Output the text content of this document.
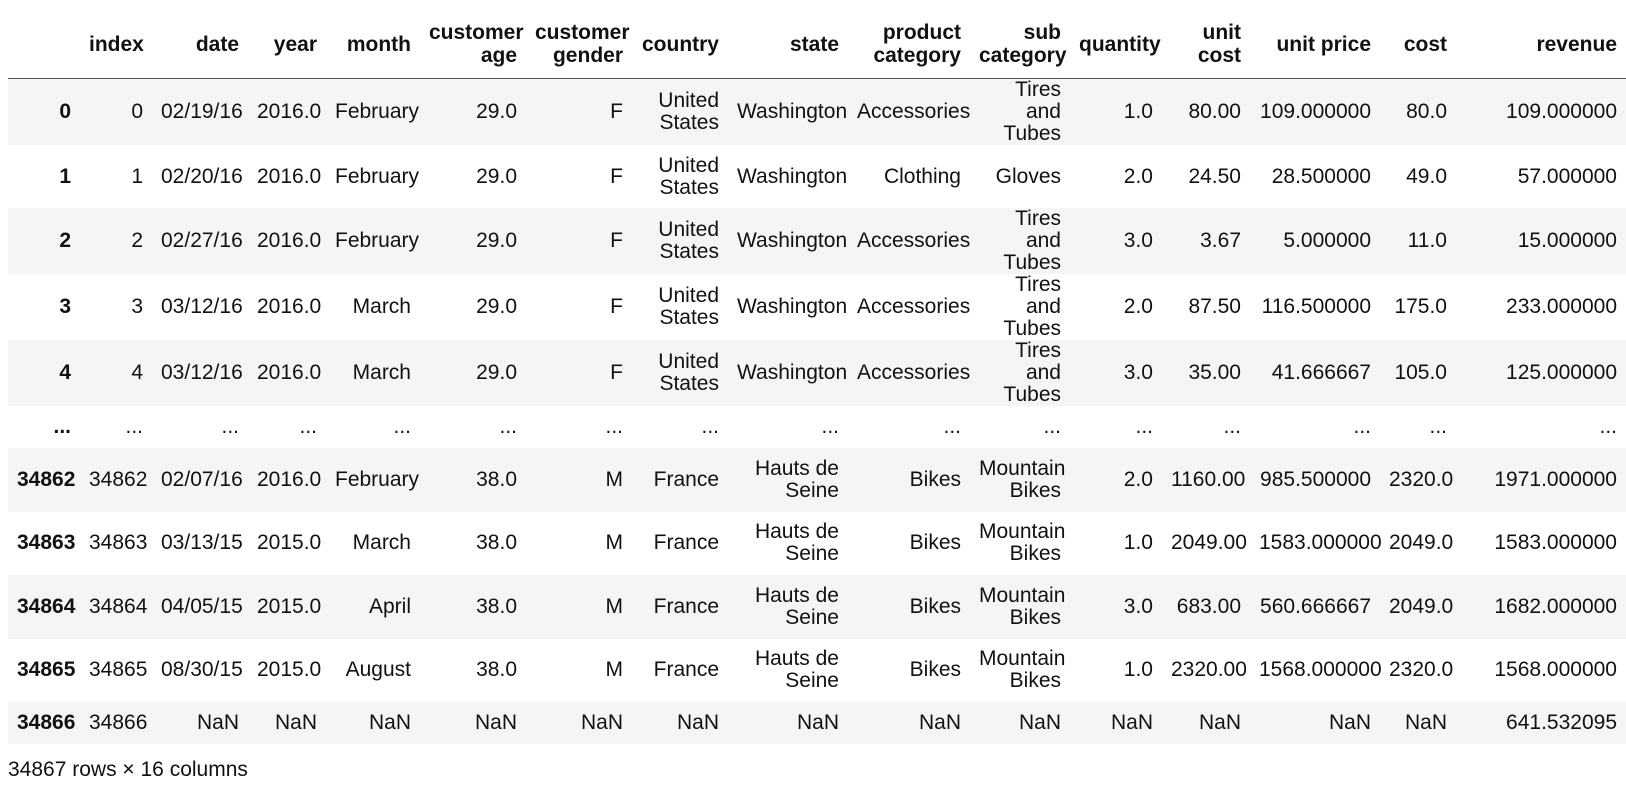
	index	date	year	month	customer age	customer gender	country	state	product category	sub category	quantity	unit cost	unit price	cost	revenue
0	0	02/19/16	2016.0	February	29.0	F	United States	Washington	Accessories	Tires and Tubes	1.0	80.00	109.000000	80.0	109.000000
1	1	02/20/16	2016.0	February	29.0	F	United States	Washington	Clothing	Gloves	2.0	24.50	28.500000	49.0	57.000000
2	2	02/27/16	2016.0	February	29.0	F	United States	Washington	Accessories	Tires and Tubes	3.0	3.67	5.000000	11.0	15.000000
3	3	03/12/16	2016.0	March	29.0	F	United States	Washington	Accessories	Tires and Tubes	2.0	87.50	116.500000	175.0	233.000000
4	4	03/12/16	2016.0	March	29.0	F	United States	Washington	Accessories	Tires and Tubes	3.0	35.00	41.666667	105.0	125.000000
...	...	...	...	...	...	...	...	...	...	...	...	...	...	...	...
34862	34862	02/07/16	2016.0	February	38.0	M	France	Hauts de Seine	Bikes	Mountain Bikes	2.0	1160.00	985.500000	2320.0	1971.000000
34863	34863	03/13/15	2015.0	March	38.0	M	France	Hauts de Seine	Bikes	Mountain Bikes	1.0	2049.00	1583.000000	2049.0	1583.000000
34864	34864	04/05/15	2015.0	April	38.0	M	France	Hauts de Seine	Bikes	Mountain Bikes	3.0	683.00	560.666667	2049.0	1682.000000
34865	34865	08/30/15	2015.0	August	38.0	M	France	Hauts de Seine	Bikes	Mountain Bikes	1.0	2320.00	1568.000000	2320.0	1568.000000
34866	34866	NaN	NaN	NaN	NaN	NaN	NaN	NaN	NaN	NaN	NaN	NaN	NaN	NaN	641.532095
34867 rows × 16 columns
